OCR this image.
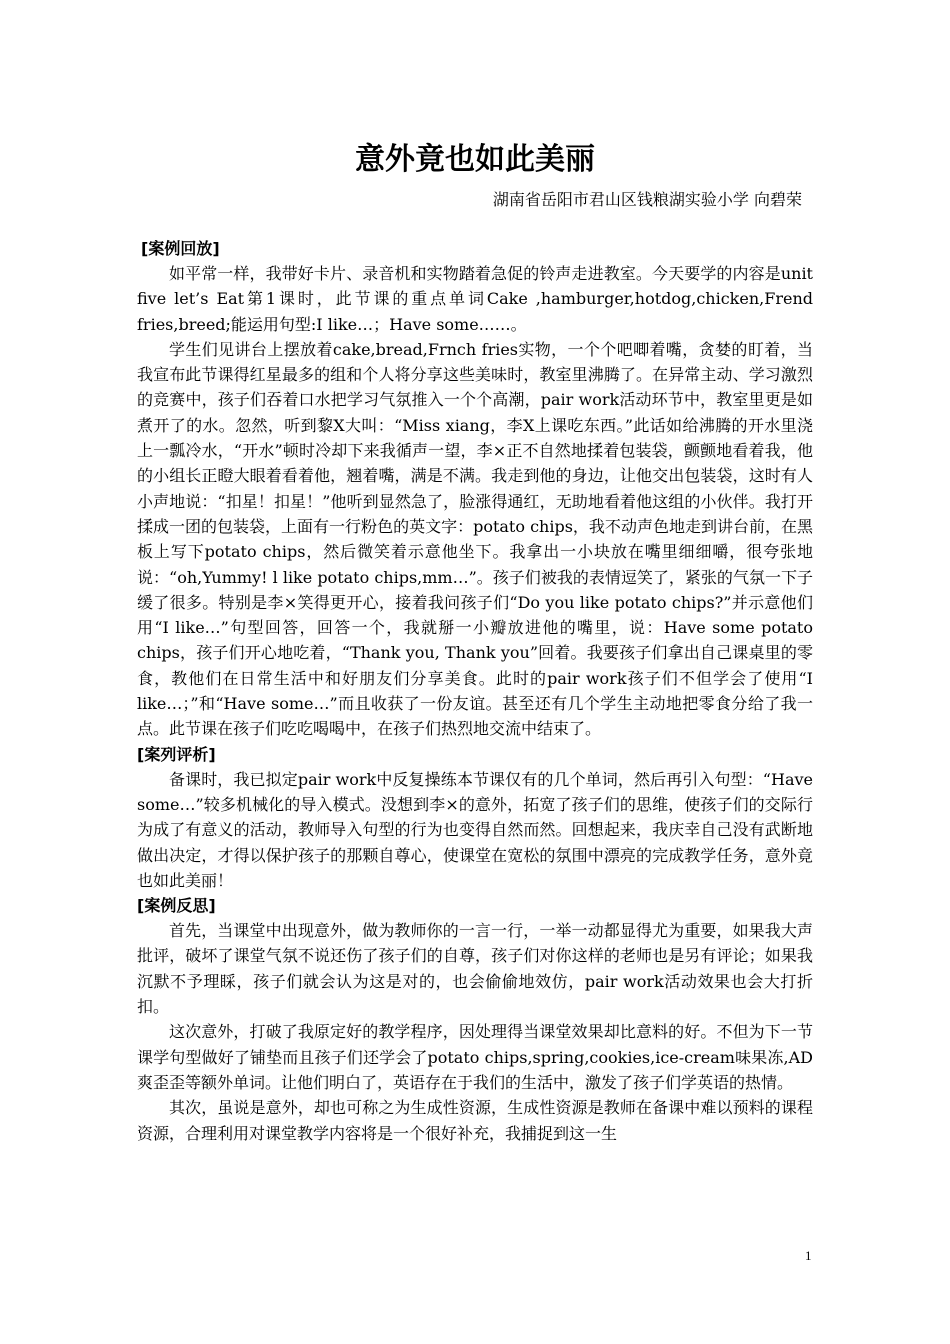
意外竟也如此美丽
湖南省岳阳市君山区钱粮湖实验小学 向碧荣
[案例回放]

如平常一样，我带好卡片、录音机和实物踏着急促的铃声走进教室。今天要学的内容是unit five let’s Eat第1课时，此节课的重点单词Cake ,hamburger,hotdog,chicken,Frend fries,breed;能运用句型:I like…；Have some……。

学生们见讲台上摆放着cake,bread,Frnch fries实物，一个个吧唧着嘴，贪婪的盯着，当我宣布此节课得红星最多的组和个人将分享这些美味时，教室里沸腾了。在异常主动、学习激烈的竞赛中，孩子们吞着口水把学习气氛推入一个个高潮，pair work活动环节中，教室里更是如煮开了的水。忽然，听到黎X大叫：“Miss xiang，李X上课吃东西。”此话如给沸腾的开水里浇上一瓢冷水，“开水”顿时冷却下来我循声一望，李×正不自然地揉着包装袋，颤颤地看着我，他的小组长正瞪大眼着看着他，翘着嘴，满是不满。我走到他的身边，让他交出包装袋，这时有人小声地说：“扣星！扣星！”他听到显然急了，脸涨得通红，无助地看着他这组的小伙伴。我打开揉成一团的包装袋，上面有一行粉色的英文字：potato chips，我不动声色地走到讲台前，在黑板上写下potato chips，然后微笑着示意他坐下。我拿出一小块放在嘴里细细嚼，很夸张地说：“oh,Yummy! l like potato chips,mm…”。孩子们被我的表情逗笑了，紧张的气氛一下子缓了很多。特别是李×笑得更开心，接着我问孩子们“Do you like potato chips?”并示意他们用“I like…”句型回答，回答一个，我就掰一小瓣放进他的嘴里，说：Have some potato chips，孩子们开心地吃着，“Thank you, Thank you”回着。我要孩子们拿出自己课桌里的零食，教他们在日常生活中和好朋友们分享美食。此时的pair work孩子们不但学会了使用“I like…；”和“Have some…”而且收获了一份友谊。甚至还有几个学生主动地把零食分给了我一点。此节课在孩子们吃吃喝喝中，在孩子们热烈地交流中结束了。

[案列评析]

备课时，我已拟定pair work中反复操练本节课仅有的几个单词，然后再引入句型：“Have some…”较多机械化的导入模式。没想到李×的意外，拓宽了孩子们的思维，使孩子们的交际行为成了有意义的活动，教师导入句型的行为也变得自然而然。回想起来，我庆幸自己没有武断地做出决定，才得以保护孩子的那颗自尊心，使课堂在宽松的氛围中漂亮的完成教学任务，意外竟也如此美丽！

[案例反思]

首先，当课堂中出现意外，做为教师你的一言一行，一举一动都显得尤为重要，如果我大声批评，破坏了课堂气氛不说还伤了孩子们的自尊，孩子们对你这样的老师也是另有评论；如果我沉默不予理睬，孩子们就会认为这是对的，也会偷偷地效仿，pair work活动效果也会大打折扣。

这次意外，打破了我原定好的教学程序，因处理得当课堂效果却比意料的好。不但为下一节课学句型做好了铺垫而且孩子们还学会了potato chips,spring,cookies,ice-cream味果冻,AD爽歪歪等额外单词。让他们明白了，英语存在于我们的生活中，激发了孩子们学英语的热情。

其次，虽说是意外，却也可称之为生成性资源，生成性资源是教师在备课中难以预料的课程资源，合理利用对课堂教学内容将是一个很好补充，我捕捉到这一生

1
